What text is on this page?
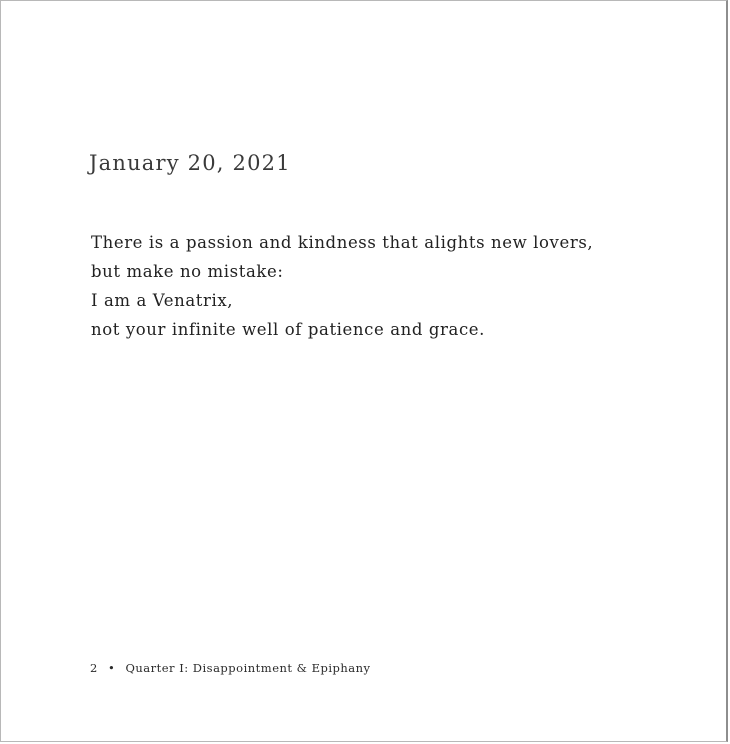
January 20, 2021
There is a passion and kindness that alights new lovers,
but make no mistake:
I am a Venatrix,
not your infinite well of patience and grace.
2 • Quarter I: Disappointment & Epiphany
